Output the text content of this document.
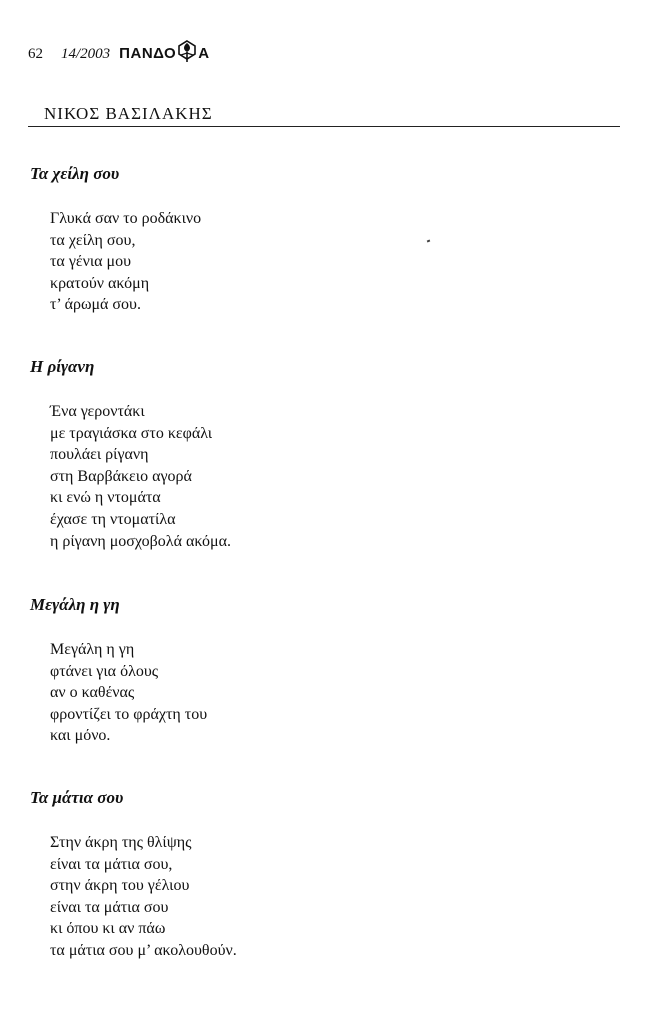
62 14/2003 ΠΑΝΔΟ Α
ΝΙΚΟΣ ΒΑΣΙΛΑΚΗΣ
Τα χείλη σου
Γλυκά σαν το ροδάκινο
τα χείλη σου,
τα γένια μου
κρατούν ακόμη
τ’ άρωμά σου.
Η ρίγανη
Ένα γεροντάκι
με τραγιάσκα στο κεφάλι
πουλάει ρίγανη
στη Βαρβάκειο αγορά
κι ενώ η ντομάτα
έχασε τη ντοματίλα
η ρίγανη μοσχοβολά ακόμα.
Μεγάλη η γη
Μεγάλη η γη
φτάνει για όλους
αν ο καθένας
φροντίζει το φράχτη του
και μόνο.
Τα μάτια σου
Στην άκρη της θλίψης
είναι τα μάτια σου,
στην άκρη του γέλιου
είναι τα μάτια σου
κι όπου κι αν πάω
τα μάτια σου μ’ ακολουθούν.
